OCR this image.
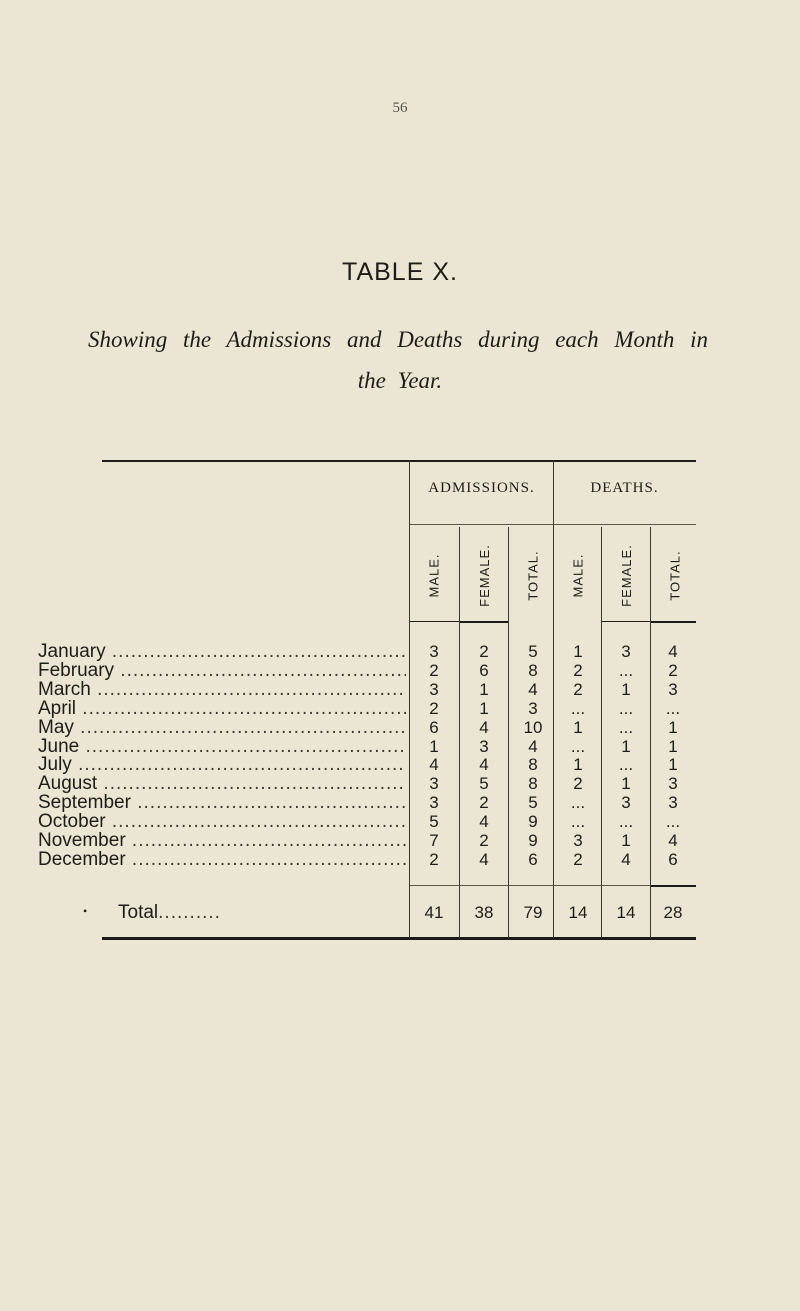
56
TABLE X.
Showing the Admissions and Deaths during each Month in
the Year.
ADMISSIONS.	DEATHS.
MALE.	FEMALE.	TOTAL. MALE.	FEMALE.	TOTAL.
January .....	3	2	5	1	3	4
February .....	2	6	8	2	...	2
March .....	3	1	4	2	1	3
April .....	2	1	3	...	...	...
May .....	6	4	10	1	...	1
June .....	1	3	4	...	1	1
July .....	4	4	8	1	...	1
August .....	3	5	8	2	1	3
September .....	3	2	5	...	3	3
October .....	5	4	9	...	...	...
November .....	7	2	9	3	1	4
December .....	2	4	6	2	4	6
• Total .....	41	38	79	14	14	28
